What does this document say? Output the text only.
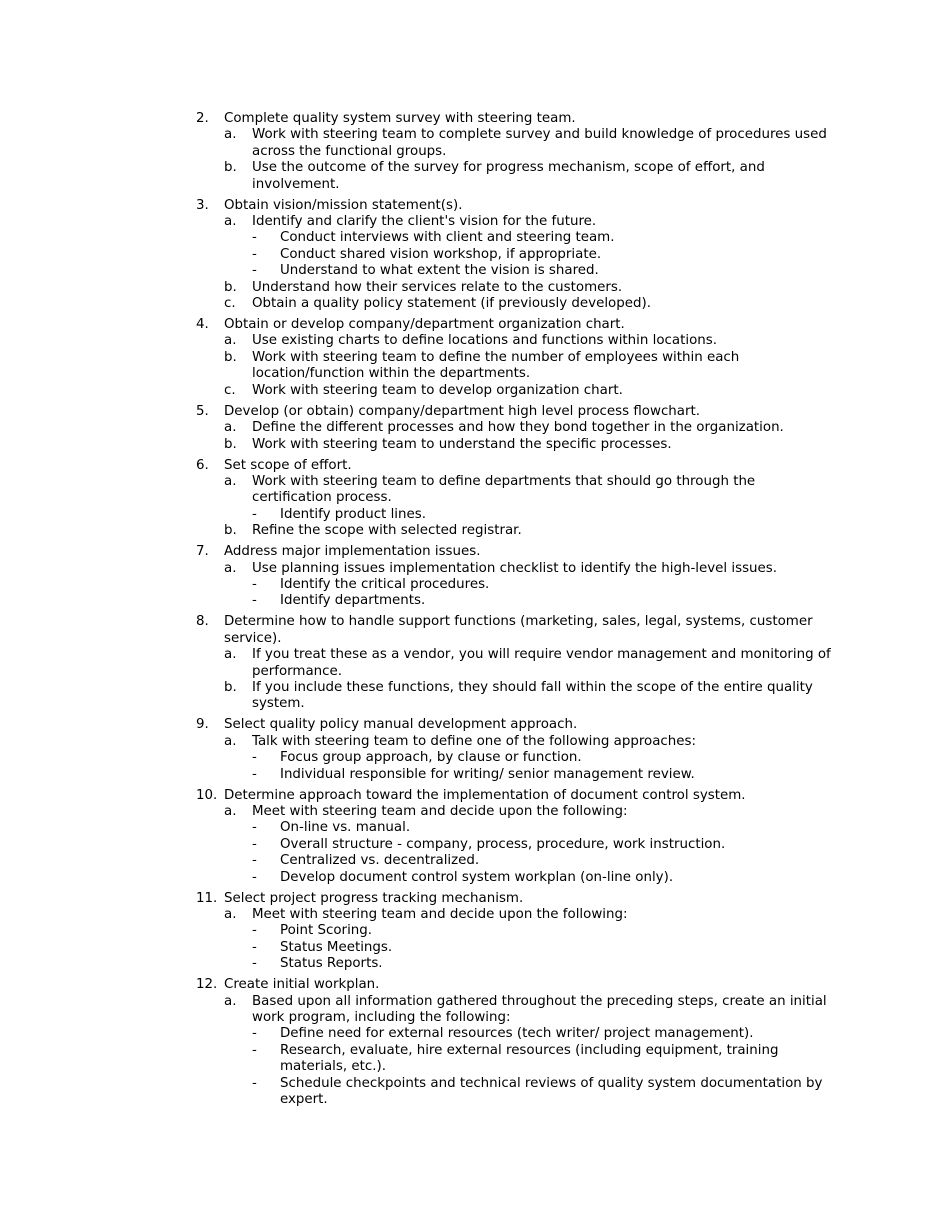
2. Complete quality system survey with steering team.
a. Work with steering team to complete survey and build knowledge of procedures used across the functional groups.
b. Use the outcome of the survey for progress mechanism, scope of effort, and involvement.
3. Obtain vision/mission statement(s).
a. Identify and clarify the client's vision for the future.
- Conduct interviews with client and steering team.
- Conduct shared vision workshop, if appropriate.
- Understand to what extent the vision is shared.
b. Understand how their services relate to the customers.
c. Obtain a quality policy statement (if previously developed).
4. Obtain or develop company/department organization chart.
a. Use existing charts to define locations and functions within locations.
b. Work with steering team to define the number of employees within each location/function within the departments.
c. Work with steering team to develop organization chart.
5. Develop (or obtain) company/department high level process flowchart.
a. Define the different processes and how they bond together in the organization.
b. Work with steering team to understand the specific processes.
6. Set scope of effort.
a. Work with steering team to define departments that should go through the certification process.
- Identify product lines.
b. Refine the scope with selected registrar.
7. Address major implementation issues.
a. Use planning issues implementation checklist to identify the high-level issues.
- Identify the critical procedures.
- Identify departments.
8. Determine how to handle support functions (marketing, sales, legal, systems, customer service).
a. If you treat these as a vendor, you will require vendor management and monitoring of performance.
b. If you include these functions, they should fall within the scope of the entire quality system.
9. Select quality policy manual development approach.
a. Talk with steering team to define one of the following approaches:
- Focus group approach, by clause or function.
- Individual responsible for writing/ senior management review.
10. Determine approach toward the implementation of document control system.
a. Meet with steering team and decide upon the following:
- On-line vs. manual.
- Overall structure - company, process, procedure, work instruction.
- Centralized vs. decentralized.
- Develop document control system workplan (on-line only).
11. Select project progress tracking mechanism.
a. Meet with steering team and decide upon the following:
- Point Scoring.
- Status Meetings.
- Status Reports.
12. Create initial workplan.
a. Based upon all information gathered throughout the preceding steps, create an initial work program, including the following:
- Define need for external resources (tech writer/ project management).
- Research, evaluate, hire external resources (including equipment, training materials, etc.).
- Schedule checkpoints and technical reviews of quality system documentation by expert.
